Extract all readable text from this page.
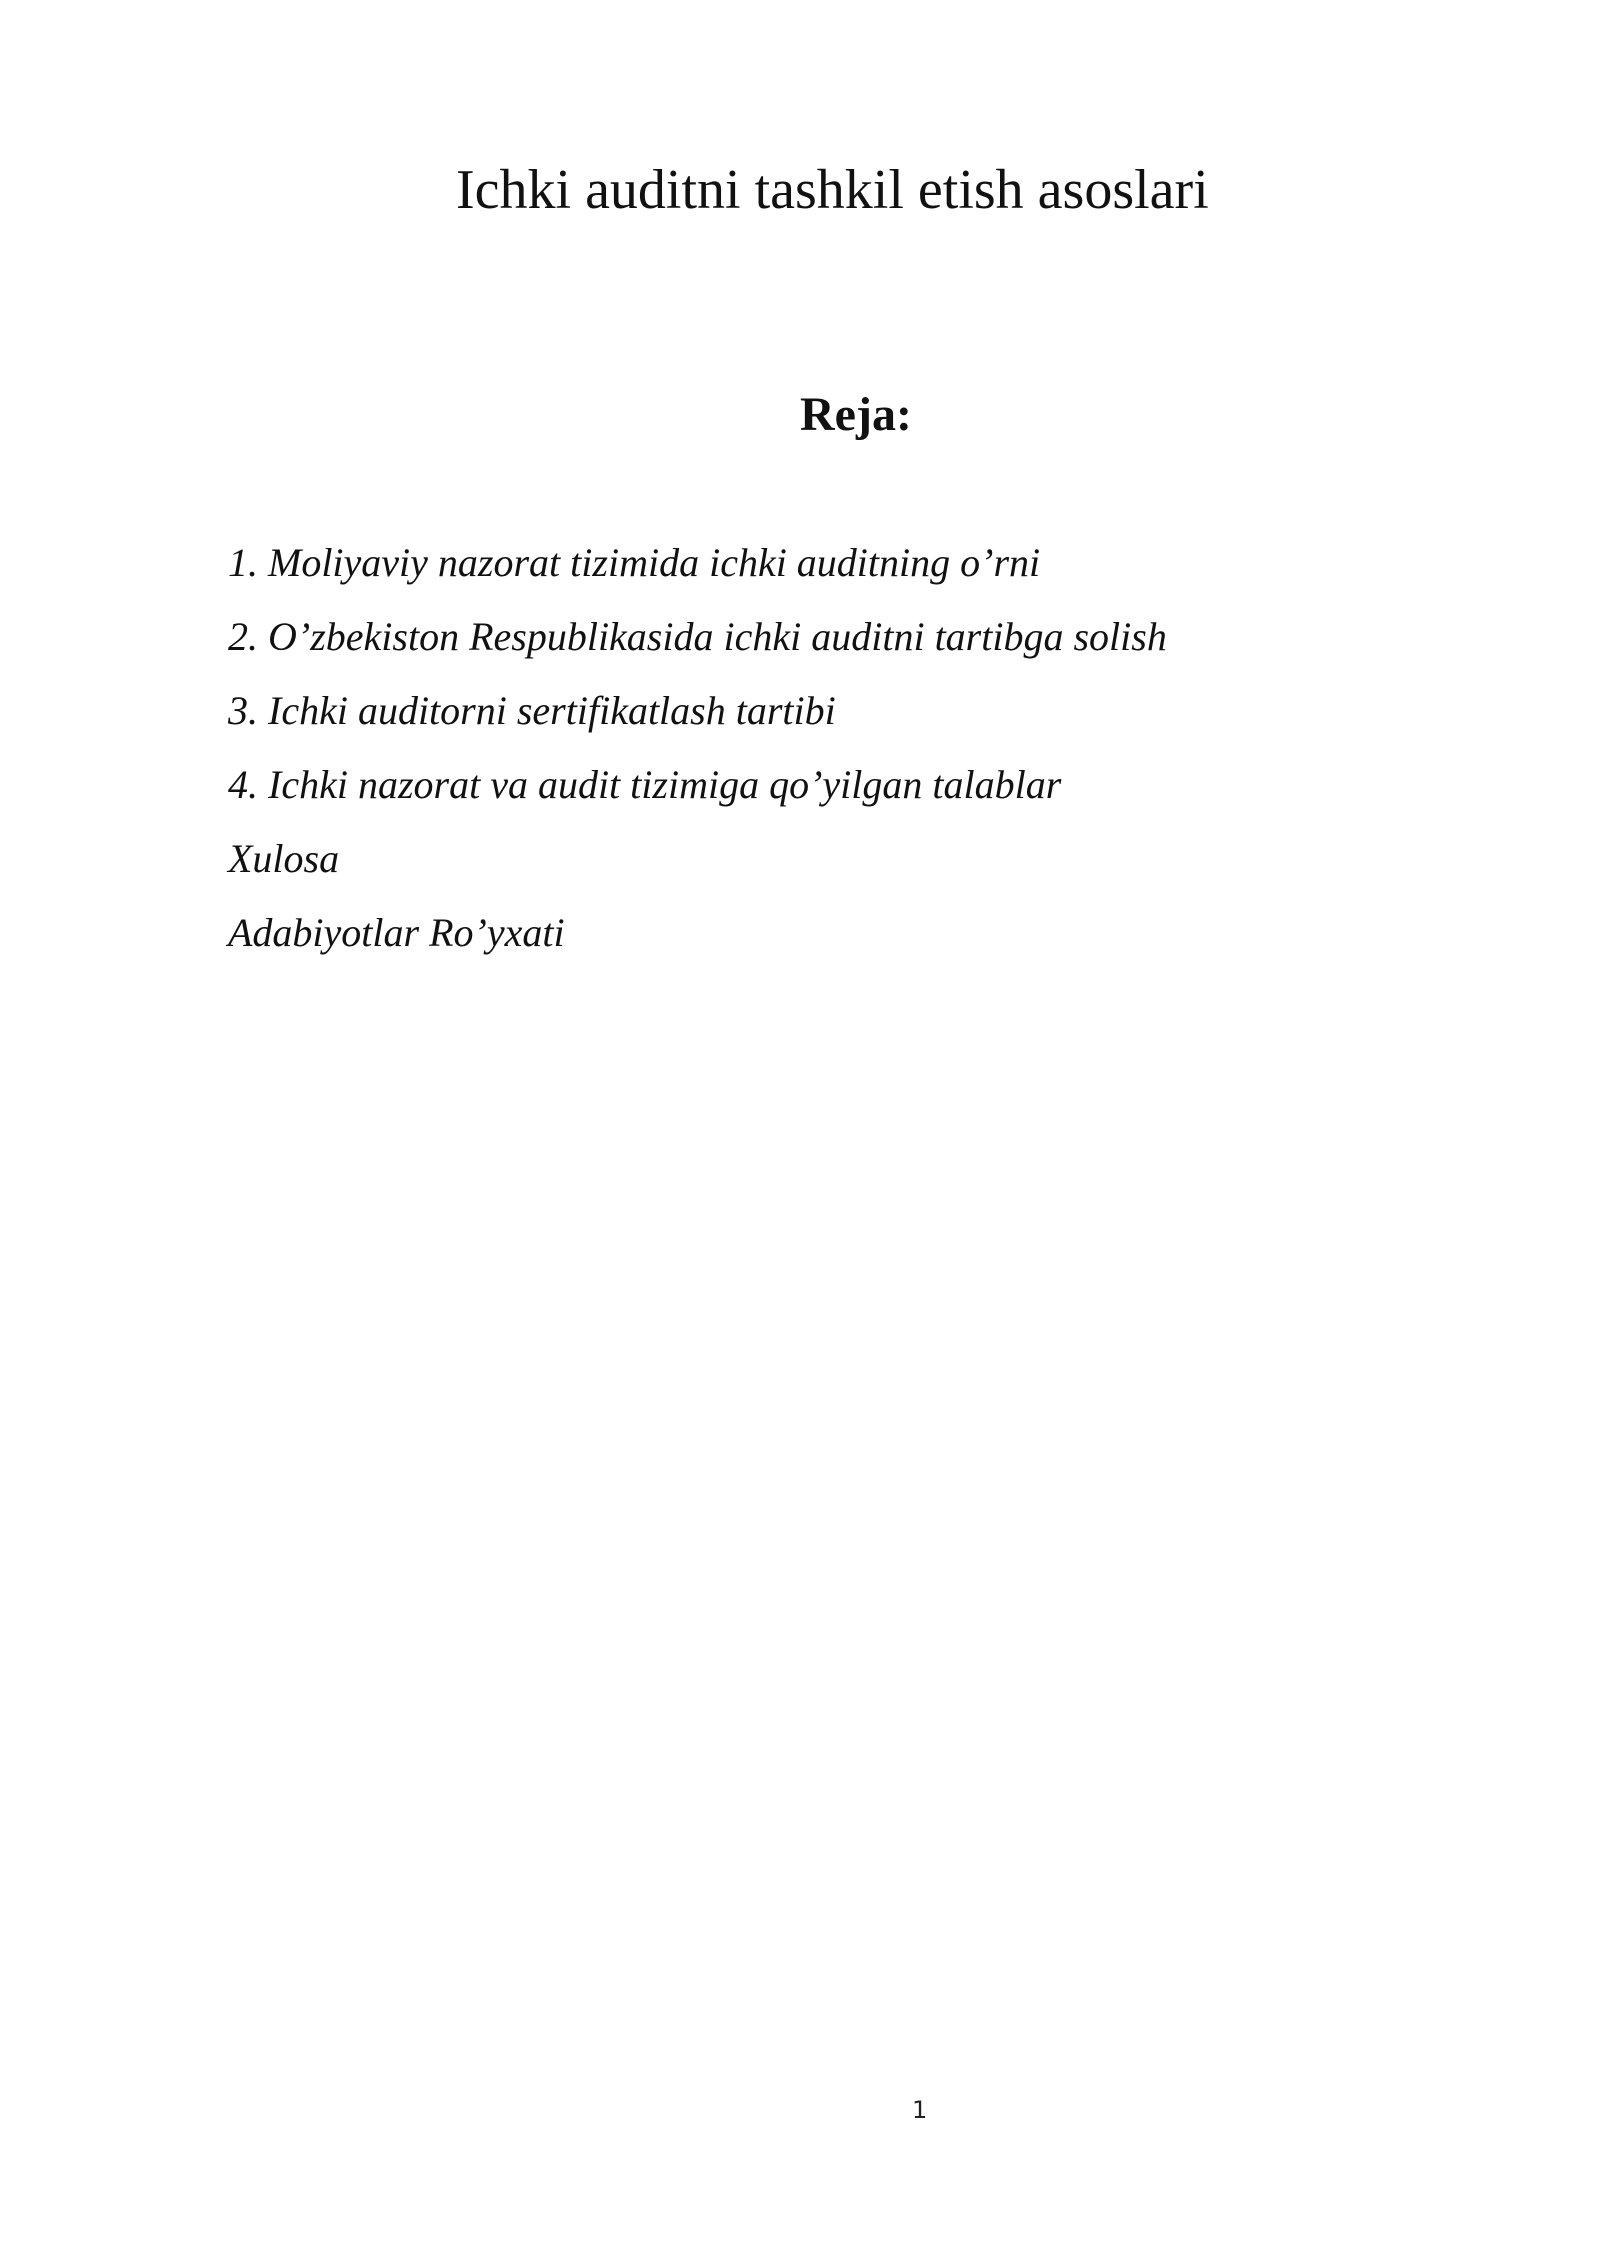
Ichki auditni tashkil etish asoslari
Reja:
1. Moliyaviy nazorat tizimida ichki auditning o’rni
2. O’zbekiston Respublikasida ichki auditni tartibga solish
3. Ichki auditorni sertifikatlash tartibi
4. Ichki nazorat va audit tizimiga qo’yilgan talablar
Xulosa
Adabiyotlar Ro’yxati
1
